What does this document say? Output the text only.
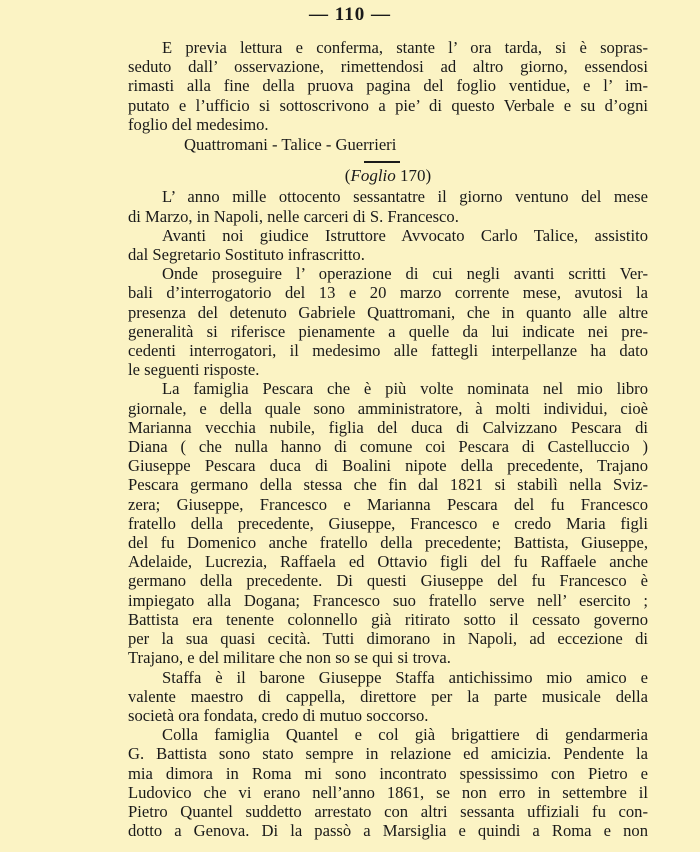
— 110 —
E previa lettura e conferma, stante l’ ora tarda, si è sopras-
seduto dall’ osservazione, rimettendosi ad altro giorno, essendosi
rimasti alla fine della pruova pagina del foglio ventidue, e l’ im-
putato e l’ufficio si sottoscrivono a pie’ di questo Verbale e su d’ogni
foglio del medesimo.
Quattromani - Talice - Guerrieri
(Foglio 170)
L’ anno mille ottocento sessantatre il giorno ventuno del mese
di Marzo, in Napoli, nelle carceri di S. Francesco.
Avanti noi giudice Istruttore Avvocato Carlo Talice, assistito
dal Segretario Sostituto infrascritto.
Onde proseguire l’ operazione di cui negli avanti scritti Ver-
bali d’interrogatorio del 13 e 20 marzo corrente mese, avutosi la
presenza del detenuto Gabriele Quattromani, che in quanto alle altre
generalità si riferisce pienamente a quelle da lui indicate nei pre-
cedenti interrogatori, il medesimo alle fattegli interpellanze ha dato
le seguenti risposte.
La famiglia Pescara che è più volte nominata nel mio libro
giornale, e della quale sono amministratore, à molti individui, cioè
Marianna vecchia nubile, figlia del duca di Calvizzano Pescara di
Diana ( che nulla hanno di comune coi Pescara di Castelluccio )
Giuseppe Pescara duca di Boalini nipote della precedente, Trajano
Pescara germano della stessa che fin dal 1821 si stabilì nella Sviz-
zera; Giuseppe, Francesco e Marianna Pescara del fu Francesco
fratello della precedente, Giuseppe, Francesco e credo Maria figli
del fu Domenico anche fratello della precedente; Battista, Giuseppe,
Adelaide, Lucrezia, Raffaela ed Ottavio figli del fu Raffaele anche
germano della precedente. Di questi Giuseppe del fu Francesco è
impiegato alla Dogana; Francesco suo fratello serve nell’ esercito ;
Battista era tenente colonnello già ritirato sotto il cessato governo
per la sua quasi cecità. Tutti dimorano in Napoli, ad eccezione di
Trajano, e del militare che non so se qui si trova.
Staffa è il barone Giuseppe Staffa antichissimo mio amico e
valente maestro di cappella, direttore per la parte musicale della
società ora fondata, credo di mutuo soccorso.
Colla famiglia Quantel e col già brigattiere di gendarmeria
G. Battista sono stato sempre in relazione ed amicizia. Pendente la
mia dimora in Roma mi sono incontrato spessissimo con Pietro e
Ludovico che vi erano nell’anno 1861, se non erro in settembre il
Pietro Quantel suddetto arrestato con altri sessanta uffiziali fu con-
dotto a Genova. Di la passò a Marsiglia e quindi a Roma e non
